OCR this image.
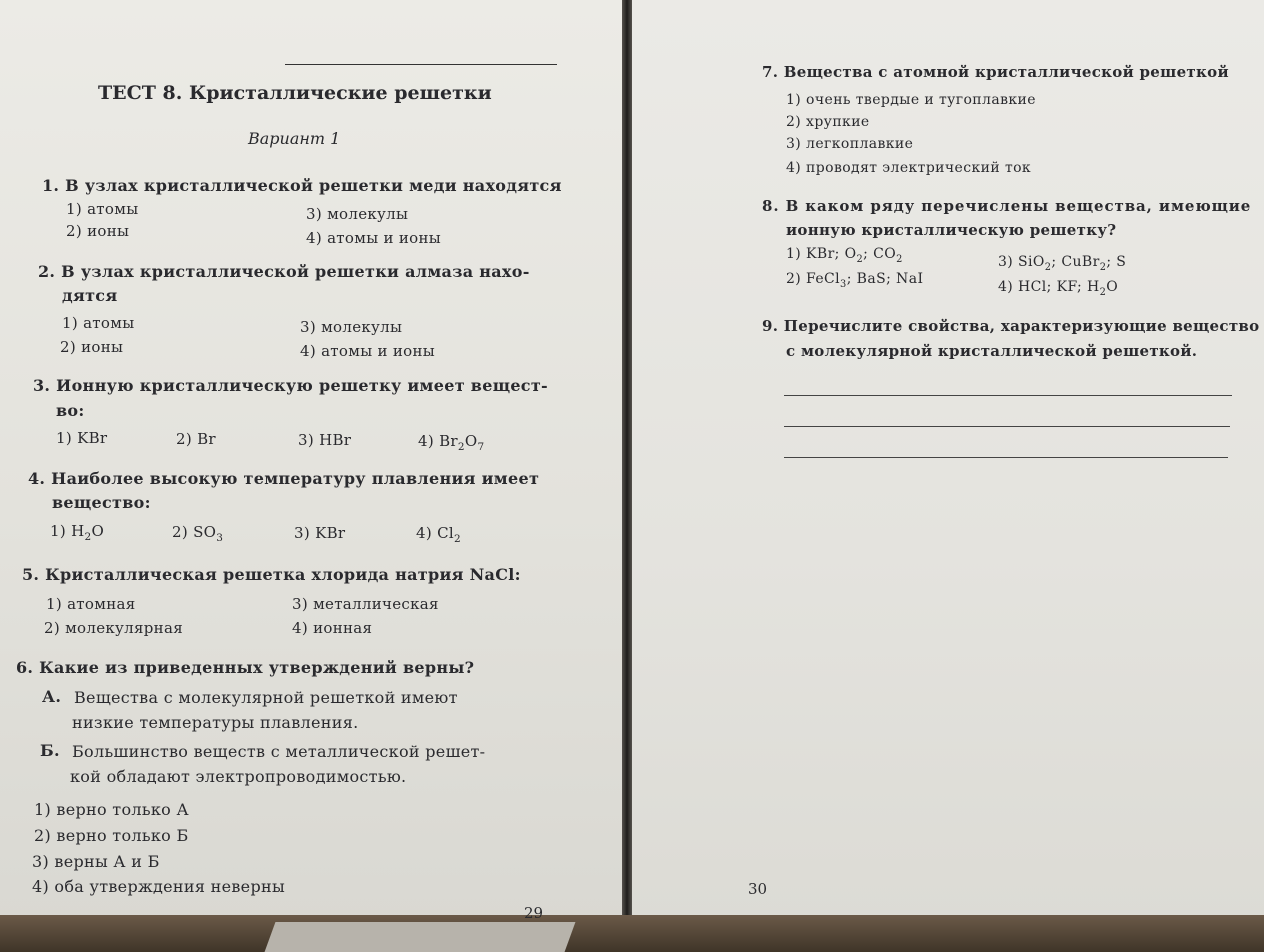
ТЕСТ 8. Кристаллические решетки
Вариант 1
1. В узлах кристаллической решетки меди находятся
1) атомы
2) ионы
3) молекулы
4) атомы и ионы
2. В узлах кристаллической решетки алмаза нахо-
дятся
1) атомы
2) ионы
3) молекулы
4) атомы и ионы
3. Ионную кристаллическую решетку имеет вещест-
во:
1) KBr	2) Br	3) HBr	4) $Br_2O_7$
4. Наиболее высокую температуру плавления имеет
вещество:
1) $H_2O$	2) $SO_3$	3) KBr	4) $Cl_2$
5. Кристаллическая решетка хлорида натрия NaCl:
1) атомная
2) молекулярная
3) металлическая
4) ионная
6. Какие из приведенных утверждений верны?
А. Вещества с молекулярной решеткой имеют
низкие температуры плавления.
Б. Большинство веществ с металлической решет-
кой обладают электропроводимостью.
1) верно только А
2) верно только Б
3) верны А и Б
4) оба утверждения неверны
29
7. Вещества с атомной кристаллической решеткой
1) очень твердые и тугоплавкие
2) хрупкие
3) легкоплавкие
4) проводят электрический ток
8. В каком ряду перечислены вещества, имеющие
ионную кристаллическую решетку?
1) KBr; $O_2$; $CO_2$
2) FeCl$_3$; BaS; NaI
3) SiO$_2$; CuBr$_2$; S
4) HCl; KF; $H_2O$
9. Перечислите свойства, характеризующие вещество
с молекулярной кристаллической решеткой.
30
